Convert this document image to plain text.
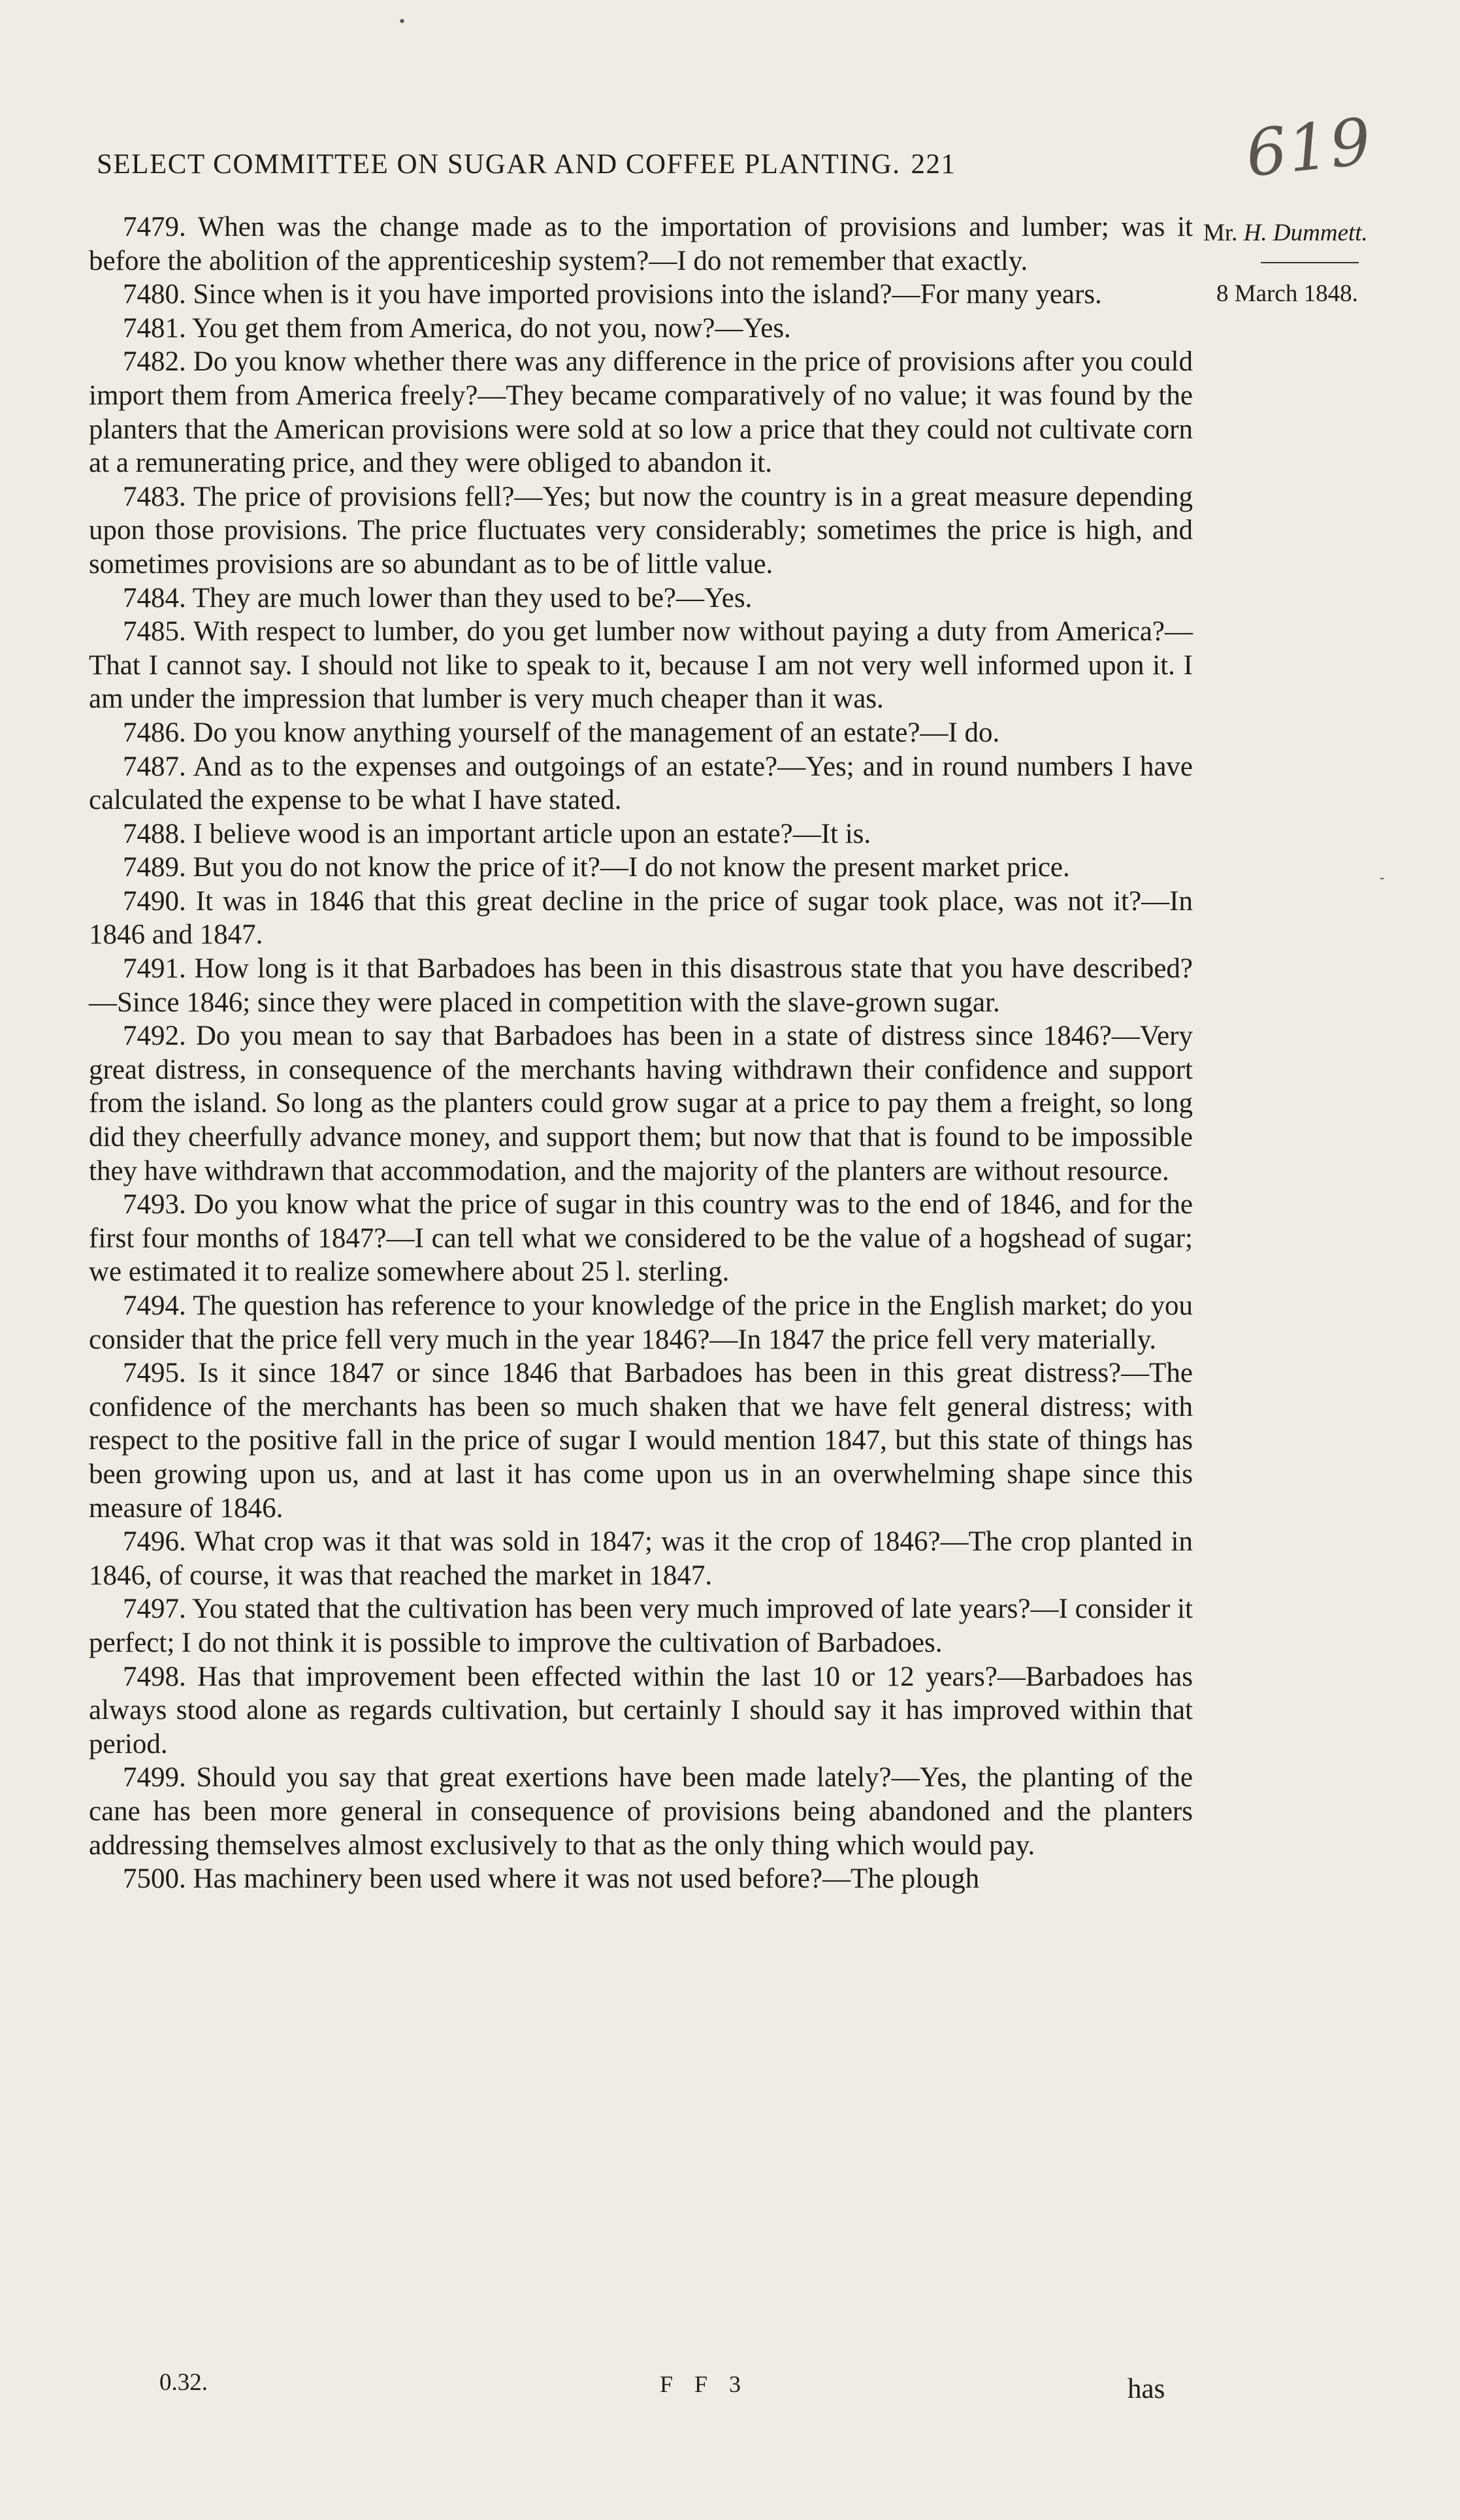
•
SELECT COMMITTEE ON SUGAR AND COFFEE PLANTING. 221	619
Mr. H. Dummett.
8 March 1848.
-

7479. When was the change made as to the importation of provisions and lumber; was it before the abolition of the apprenticeship system?—I do not remember that exactly.

7480. Since when is it you have imported provisions into the island?—For many years.

7481. You get them from America, do not you, now?—Yes.

7482. Do you know whether there was any difference in the price of provisions after you could import them from America freely?—They became comparatively of no value; it was found by the planters that the American provisions were sold at so low a price that they could not cultivate corn at a remunerating price, and they were obliged to abandon it.

7483. The price of provisions fell?—Yes; but now the country is in a great measure depending upon those provisions. The price fluctuates very considerably; sometimes the price is high, and sometimes provisions are so abundant as to be of little value.

7484. They are much lower than they used to be?—Yes.

7485. With respect to lumber, do you get lumber now without paying a duty from America?—That I cannot say. I should not like to speak to it, because I am not very well informed upon it. I am under the impression that lumber is very much cheaper than it was.

7486. Do you know anything yourself of the management of an estate?—I do.

7487. And as to the expenses and outgoings of an estate?—Yes; and in round numbers I have calculated the expense to be what I have stated.

7488. I believe wood is an important article upon an estate?—It is.

7489. But you do not know the price of it?—I do not know the present market price.

7490. It was in 1846 that this great decline in the price of sugar took place, was not it?—In 1846 and 1847.

7491. How long is it that Barbadoes has been in this disastrous state that you have described?—Since 1846; since they were placed in competition with the slave-grown sugar.

7492. Do you mean to say that Barbadoes has been in a state of distress since 1846?—Very great distress, in consequence of the merchants having withdrawn their confidence and support from the island. So long as the planters could grow sugar at a price to pay them a freight, so long did they cheerfully advance money, and support them; but now that that is found to be impossible they have withdrawn that accommodation, and the majority of the planters are without resource.

7493. Do you know what the price of sugar in this country was to the end of 1846, and for the first four months of 1847?—I can tell what we considered to be the value of a hogshead of sugar; we estimated it to realize somewhere about 25 l. sterling.

7494. The question has reference to your knowledge of the price in the English market; do you consider that the price fell very much in the year 1846?—In 1847 the price fell very materially.

7495. Is it since 1847 or since 1846 that Barbadoes has been in this great distress?—The confidence of the merchants has been so much shaken that we have felt general distress; with respect to the positive fall in the price of sugar I would mention 1847, but this state of things has been growing upon us, and at last it has come upon us in an overwhelming shape since this measure of 1846.

7496. What crop was it that was sold in 1847; was it the crop of 1846?—The crop planted in 1846, of course, it was that reached the market in 1847.

7497. You stated that the cultivation has been very much improved of late years?—I consider it perfect; I do not think it is possible to improve the cultivation of Barbadoes.

7498. Has that improvement been effected within the last 10 or 12 years?—Barbadoes has always stood alone as regards cultivation, but certainly I should say it has improved within that period.

7499. Should you say that great exertions have been made lately?—Yes, the planting of the cane has been more general in consequence of provisions being abandoned and the planters addressing themselves almost exclusively to that as the only thing which would pay.

7500. Has machinery been used where it was not used before?—The plough

0.32.	F F 3	has
